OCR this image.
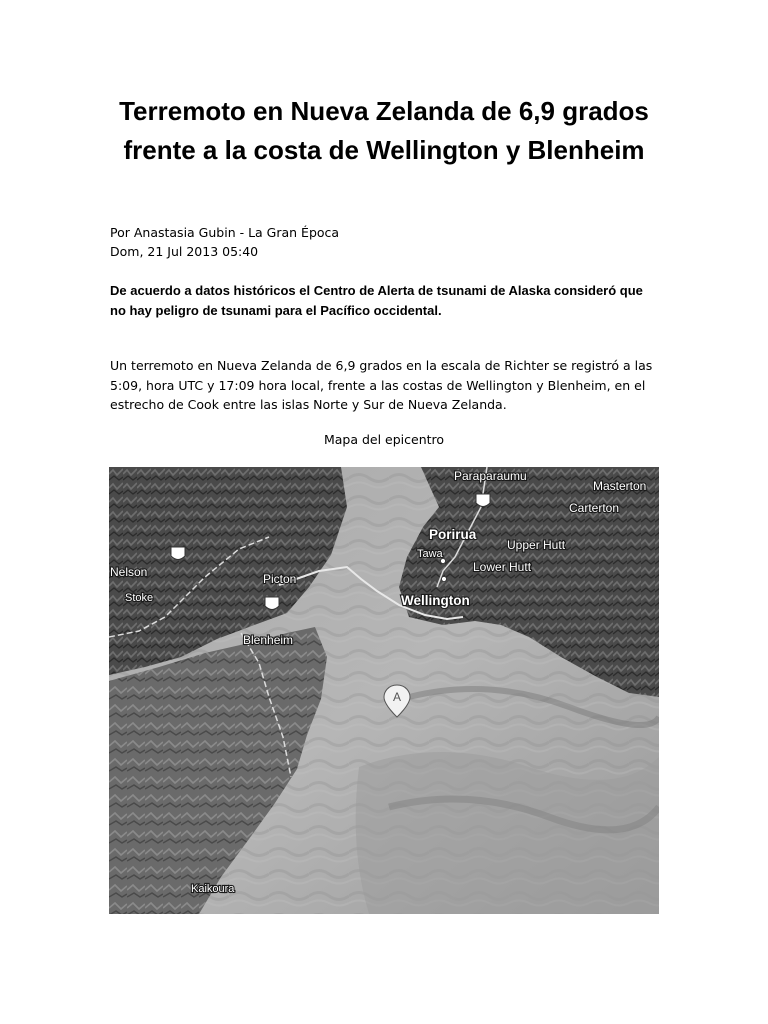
Terremoto en Nueva Zelanda de 6,9 grados frente a la costa de Wellington y Blenheim
Por Anastasia Gubin - La Gran Época
Dom, 21 Jul 2013 05:40

De acuerdo a datos históricos el Centro de Alerta de tsunami de Alaska consideró que no hay peligro de tsunami para el Pacífico occidental.

Un terremoto en Nueva Zelanda de 6,9 grados en la escala de Richter se registró a las 5:09, hora UTC y 17:09 hora local, frente a las costas de Wellington y Blenheim, en el estrecho de Cook entre las islas Norte y Sur de Nueva Zelanda.

Mapa del epicentro
A
Paraparaumu
Masterton
Carterton
Porirua
Upper Hutt
Tawa
Lower Hutt
Wellington
Nelson
Stoke
Picton
Blenheim
Kaikoura
